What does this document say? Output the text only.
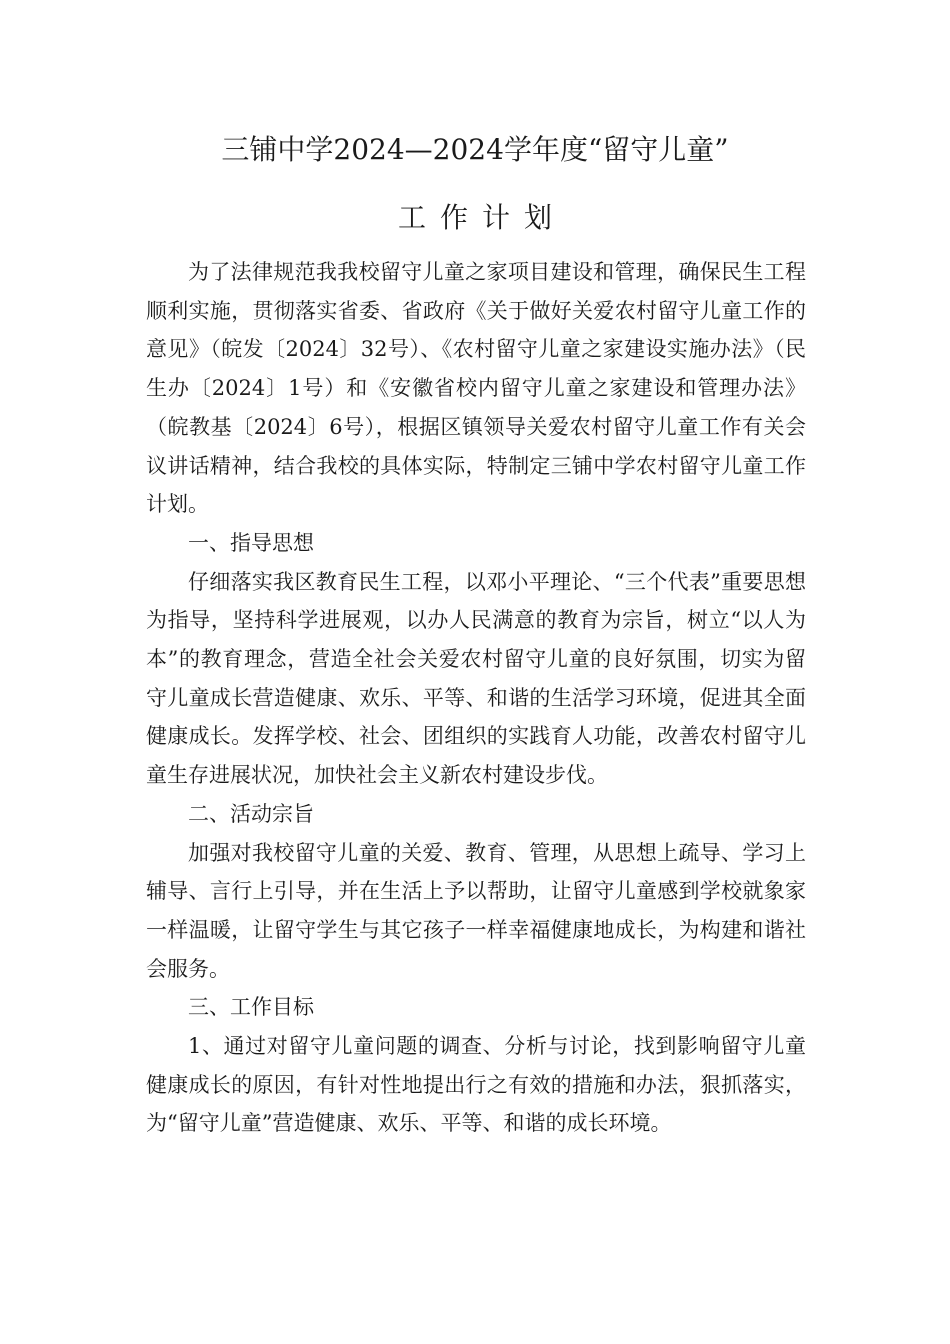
三铺中学2024—2024学年度“留守儿童”
工作计划

为了法律规范我我校留守儿童之家项目建设和管理，确保民生工程顺利实施，贯彻落实省委、省政府《关于做好关爱农村留守儿童工作的意见》（皖发〔2024〕32号）、《农村留守儿童之家建设实施办法》（民生办〔2024〕1号）和《安徽省校内留守儿童之家建设和管理办法》（皖教基〔2024〕6号），根据区镇领导关爱农村留守儿童工作有关会议讲话精神，结合我校的具体实际，特制定三铺中学农村留守儿童工作计划。

一、指导思想

仔细落实我区教育民生工程，以邓小平理论、“三个代表”重要思想为指导，坚持科学进展观，以办人民满意的教育为宗旨，树立“以人为本”的教育理念，营造全社会关爱农村留守儿童的良好氛围，切实为留守儿童成长营造健康、欢乐、平等、和谐的生活学习环境，促进其全面健康成长。发挥学校、社会、团组织的实践育人功能，改善农村留守儿童生存进展状况，加快社会主义新农村建设步伐。

二、活动宗旨

加强对我校留守儿童的关爱、教育、管理，从思想上疏导、学习上辅导、言行上引导，并在生活上予以帮助，让留守儿童感到学校就象家一样温暖，让留守学生与其它孩子一样幸福健康地成长，为构建和谐社会服务。

三、工作目标

1、通过对留守儿童问题的调查、分析与讨论，找到影响留守儿童健康成长的原因，有针对性地提出行之有效的措施和办法，狠抓落实，为“留守儿童”营造健康、欢乐、平等、和谐的成长环境。
